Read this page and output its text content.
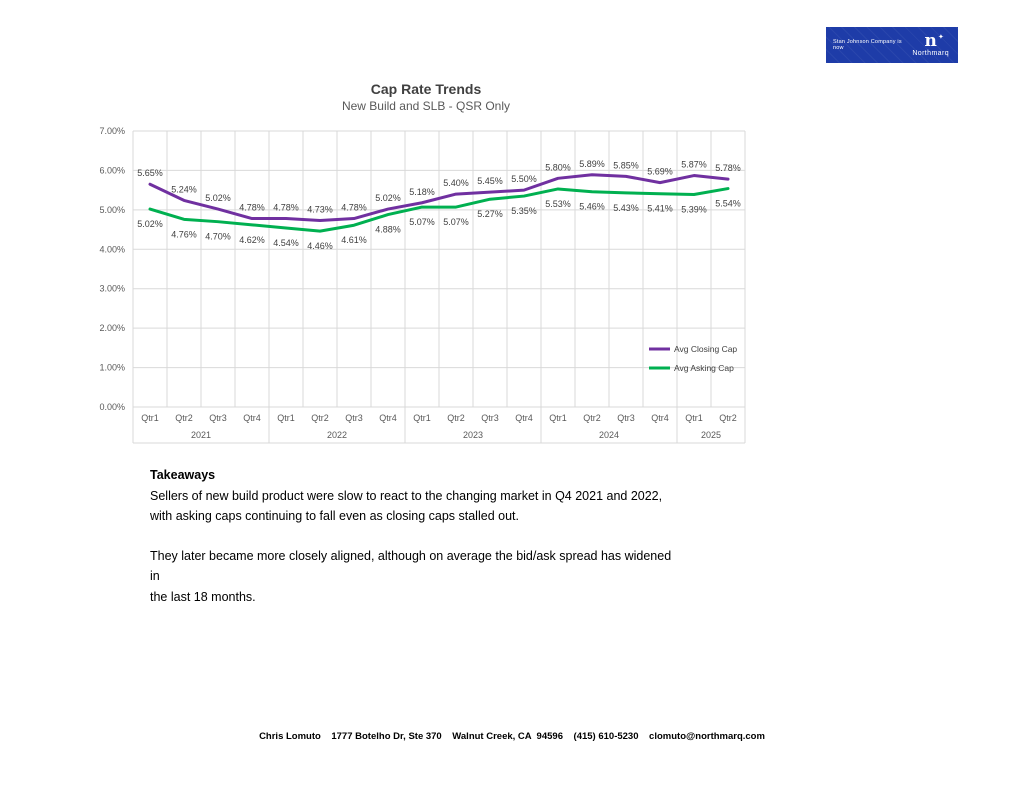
Stan Johnson Company is now	n ✦
Northmarq
Cap Rate Trends
New Build and SLB - QSR Only
0.00%
1.00%
2.00%
3.00%
4.00%
5.00%
6.00%
7.00%
Qtr1 Qtr2 Qtr3 Qtr4 Qtr1 Qtr2 Qtr3 Qtr4 Qtr1 Qtr2 Qtr3 Qtr4 Qtr1 Qtr2 Qtr3 Qtr4 Qtr1 Qtr2
2021	2022	2023	2024	2025
5.65%
5.24%
5.02%
4.78% 4.78% 4.73% 4.78%
5.02%
5.18%
5.40% 5.45% 5.50%
5.80% 5.89% 5.85%
5.69%
5.87% 5.78%
5.02%
4.76% 4.70% 4.62% 4.54% 4.46%
4.61%
4.88%
5.07% 5.07%
5.27% 5.35%
5.53% 5.46% 5.43% 5.41% 5.39%
5.54%
Avg Closing Cap
Avg Asking Cap
Takeaways
Sellers of new build product were slow to react to the changing market in Q4 2021 and 2022,
with asking caps continuing to fall even as closing caps stalled out.
They later became more closely aligned, although on average the bid/ask spread has widened in
the last 18 months.
Chris Lomuto    1777 Botelho Dr, Ste 370    Walnut Creek, CA  94596    (415) 610-5230    clomuto@northmarq.com
